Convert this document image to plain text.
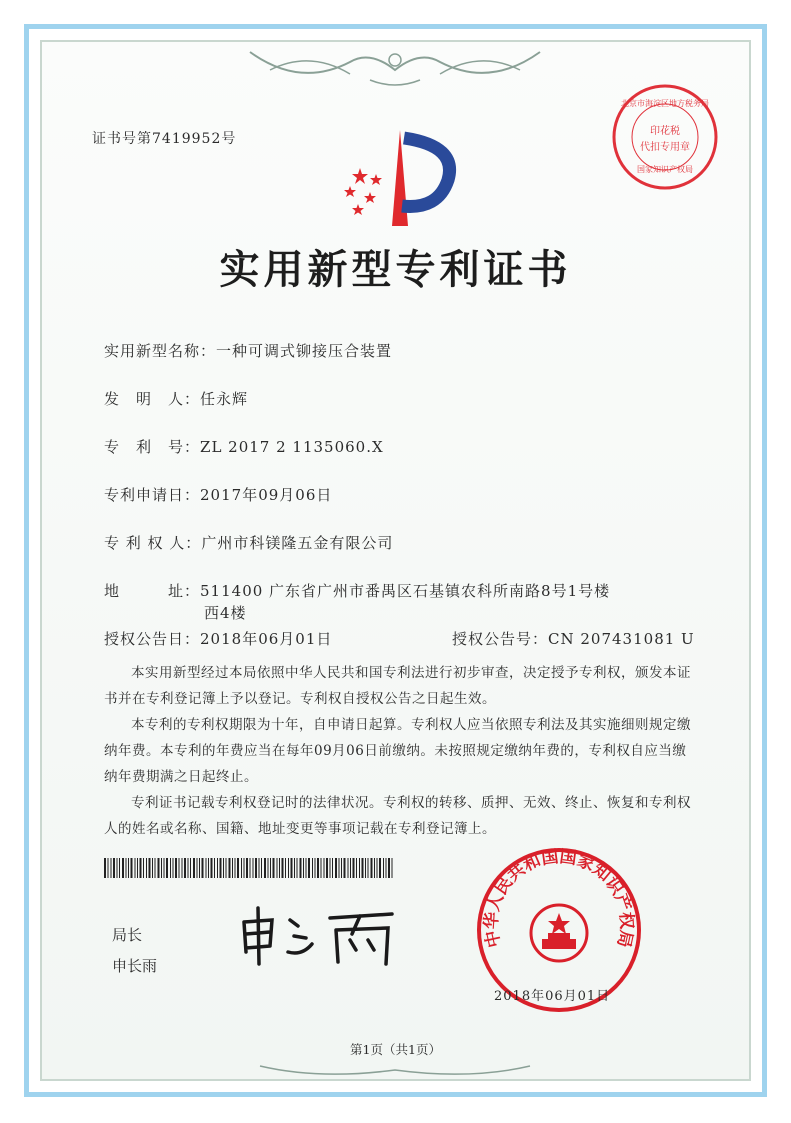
证书号第7419952号
北京市海淀区地方税务局
印花税
代扣专用章
国家知识产权局
实用新型专利证书
实用新型名称：一种可调式铆接压合装置
发　明　人：任永辉
专　利　号：ZL 2017 2 1135060.X
专利申请日：2017年09月06日
专 利 权 人：广州市科镁隆五金有限公司
地　　　址：511400 广东省广州市番禺区石基镇农科所南路8号1号楼
西4楼
授权公告日：2018年06月01日	授权公告号：CN 207431081 U
本实用新型经过本局依照中华人民共和国专利法进行初步审查，决定授予专利权，颁发本证书并在专利登记簿上予以登记。专利权自授权公告之日起生效。
本专利的专利权期限为十年，自申请日起算。专利权人应当依照专利法及其实施细则规定缴纳年费。本专利的年费应当在每年09月06日前缴纳。未按照规定缴纳年费的，专利权自应当缴纳年费期满之日起终止。
专利证书记载专利权登记时的法律状况。专利权的转移、质押、无效、终止、恢复和专利权人的姓名或名称、国籍、地址变更等事项记载在专利登记簿上。
局长
申长雨
中华人民共和国国家知识产权局
2018年06月01日
第1页（共1页）
